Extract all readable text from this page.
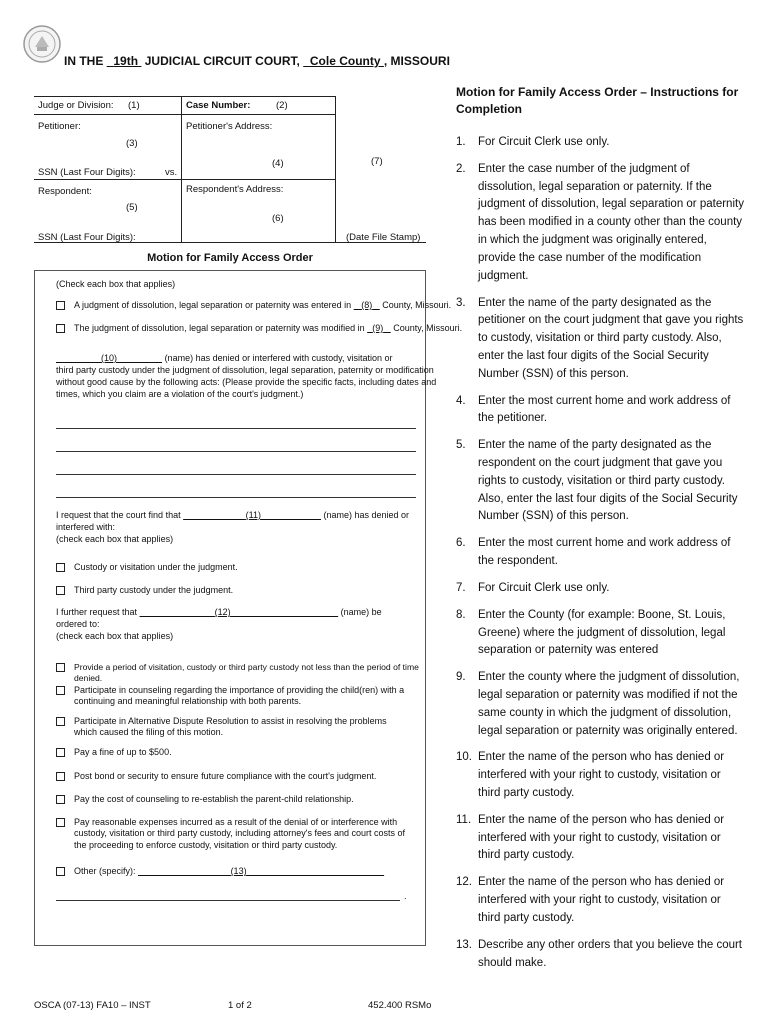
IN THE 19th JUDICIAL CIRCUIT COURT, Cole County , MISSOURI
Judge or Division: (1)	Case Number:	(2)
Petitioner:
(3)
Petitioner's Address:
(4)	(7)
SSN (Last Four Digits):	vs.
Respondent:
(5)
Respondent's Address:
(6)
SSN (Last Four Digits):	(Date File Stamp)
Motion for Family Access Order
(Check each box that applies)
A judgment of dissolution, legal separation or paternity was entered in (8) County, Missouri.
The judgment of dissolution, legal separation or paternity was modified in (9) County, Missouri.
(10)	(name) has denied or interfered with custody, visitation or
third party custody under the judgment of dissolution, legal separation, paternity or modification
without good cause by the following acts: (Please provide the specific facts, including dates and
times, which you claim are a violation of the court's judgment.)
I request that the court find that	(11)	(name) has denied or
interfered with:
(check each box that applies)
Custody or visitation under the judgment.
Third party custody under the judgment.
I further request that	(12)	(name) be
ordered to:
(check each box that applies)
Provide a period of visitation, custody or third party custody not less than the period of time denied.
Participate in counseling regarding the importance of providing the child(ren) with a continuing and meaningful relationship with both parents.
Participate in Alternative Dispute Resolution to assist in resolving the problems which caused the filing of this motion.
Pay a fine of up to $500.
Post bond or security to ensure future compliance with the court's judgment.
Pay the cost of counseling to re-establish the parent-child relationship.
Pay reasonable expenses incurred as a result of the denial of or interference with custody, visitation or third party custody, including attorney's fees and court costs of the proceeding to enforce custody, visitation or third party custody.
Other (specify):	(13)
.
Motion for Family Access Order – Instructions for Completion
1.	For Circuit Clerk use only.
2.	Enter the case number of the judgment of dissolution, legal separation or paternity. If the judgment of dissolution, legal separation or paternity has been modified in a county other than the county in which the judgment was originally entered, provide the case number of the modification judgment.
3.	Enter the name of the party designated as the petitioner on the court judgment that gave you rights to custody, visitation or third party custody. Also, enter the last four digits of the Social Security Number (SSN) of this person.
4.	Enter the most current home and work address of the petitioner.
5.	Enter the name of the party designated as the respondent on the court judgment that gave you rights to custody, visitation or third party custody. Also, enter the last four digits of the Social Security Number (SSN) of this person.
6.	Enter the most current home and work address of the respondent.
7.	For Circuit Clerk use only.
8.	Enter the County (for example: Boone, St. Louis, Greene) where the judgment of dissolution, legal separation or paternity was entered
9.	Enter the county where the judgment of dissolution, legal separation or paternity was modified if not the same county in which the judgment of dissolution, legal separation or paternity was originally entered.
10. Enter the name of the person who has denied or interfered with your right to custody, visitation or third party custody.
11. Enter the name of the person who has denied or interfered with your right to custody, visitation or third party custody.
12. Enter the name of the person who has denied or interfered with your right to custody, visitation or third party custody.
13. Describe any other orders that you believe the court should make.
OSCA (07-13) FA10 – INST	1 of 2	452.400 RSMo
